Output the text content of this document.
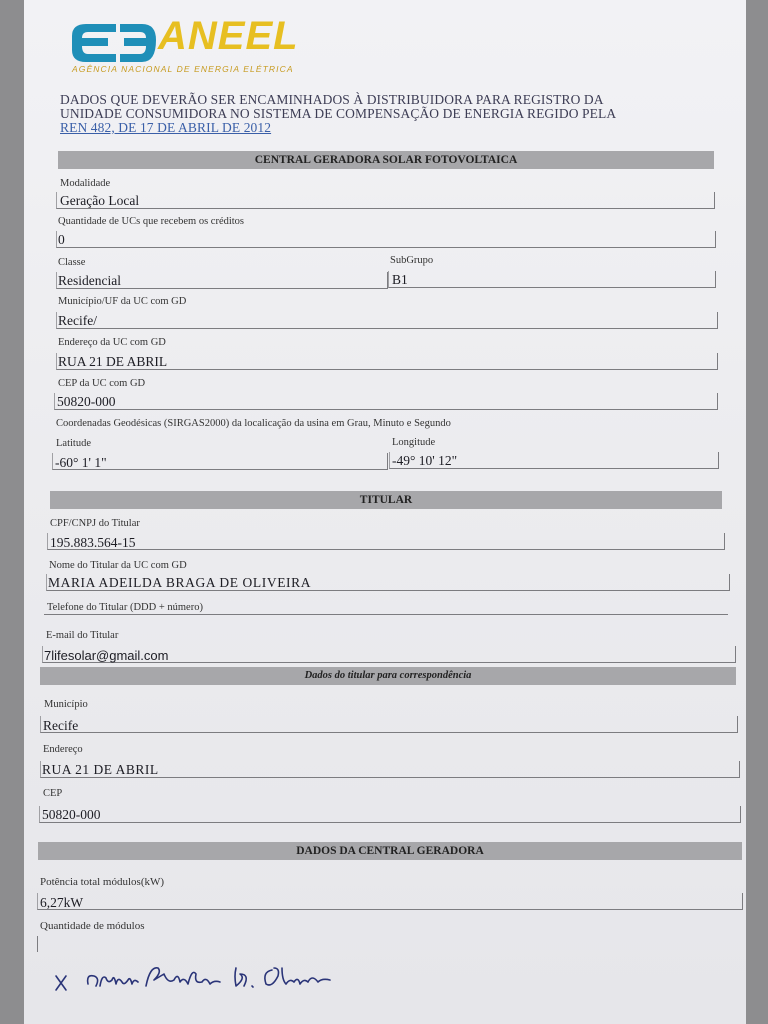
ANEEL
AGÊNCIA NACIONAL DE ENERGIA ELÉTRICA
DADOS QUE DEVERÃO SER ENCAMINHADOS À DISTRIBUIDORA PARA REGISTRO DA
UNIDADE CONSUMIDORA NO SISTEMA DE COMPENSAÇÃO DE ENERGIA REGIDO PELA
REN 482, DE 17 DE ABRIL DE 2012
CENTRAL GERADORA SOLAR FOTOVOLTAICA
Modalidade
Geração Local
Quantidade de UCs que recebem os créditos
0
Classe
Residencial
SubGrupo
B1
Município/UF da UC com GD
Recife/
Endereço da UC com GD
RUA 21 DE ABRIL
CEP da UC com GD
50820-000
Coordenadas Geodésicas (SIRGAS2000) da localicação da usina em Grau, Minuto e Segundo
Latitude
-60° 1' 1"
Longitude
-49° 10' 12"
TITULAR
CPF/CNPJ do Titular
195.883.564-15
Nome do Titular da UC com GD
MARIA ADEILDA BRAGA DE OLIVEIRA
Telefone do Titular (DDD + número)
E-mail do Titular
7lifesolar@gmail.com
Dados do titular para correspondência
Município
Recife
Endereço
RUA 21 DE ABRIL
CEP
50820-000
DADOS DA CENTRAL GERADORA
Potência total módulos(kW)
6,27kW
Quantidade de módulos
